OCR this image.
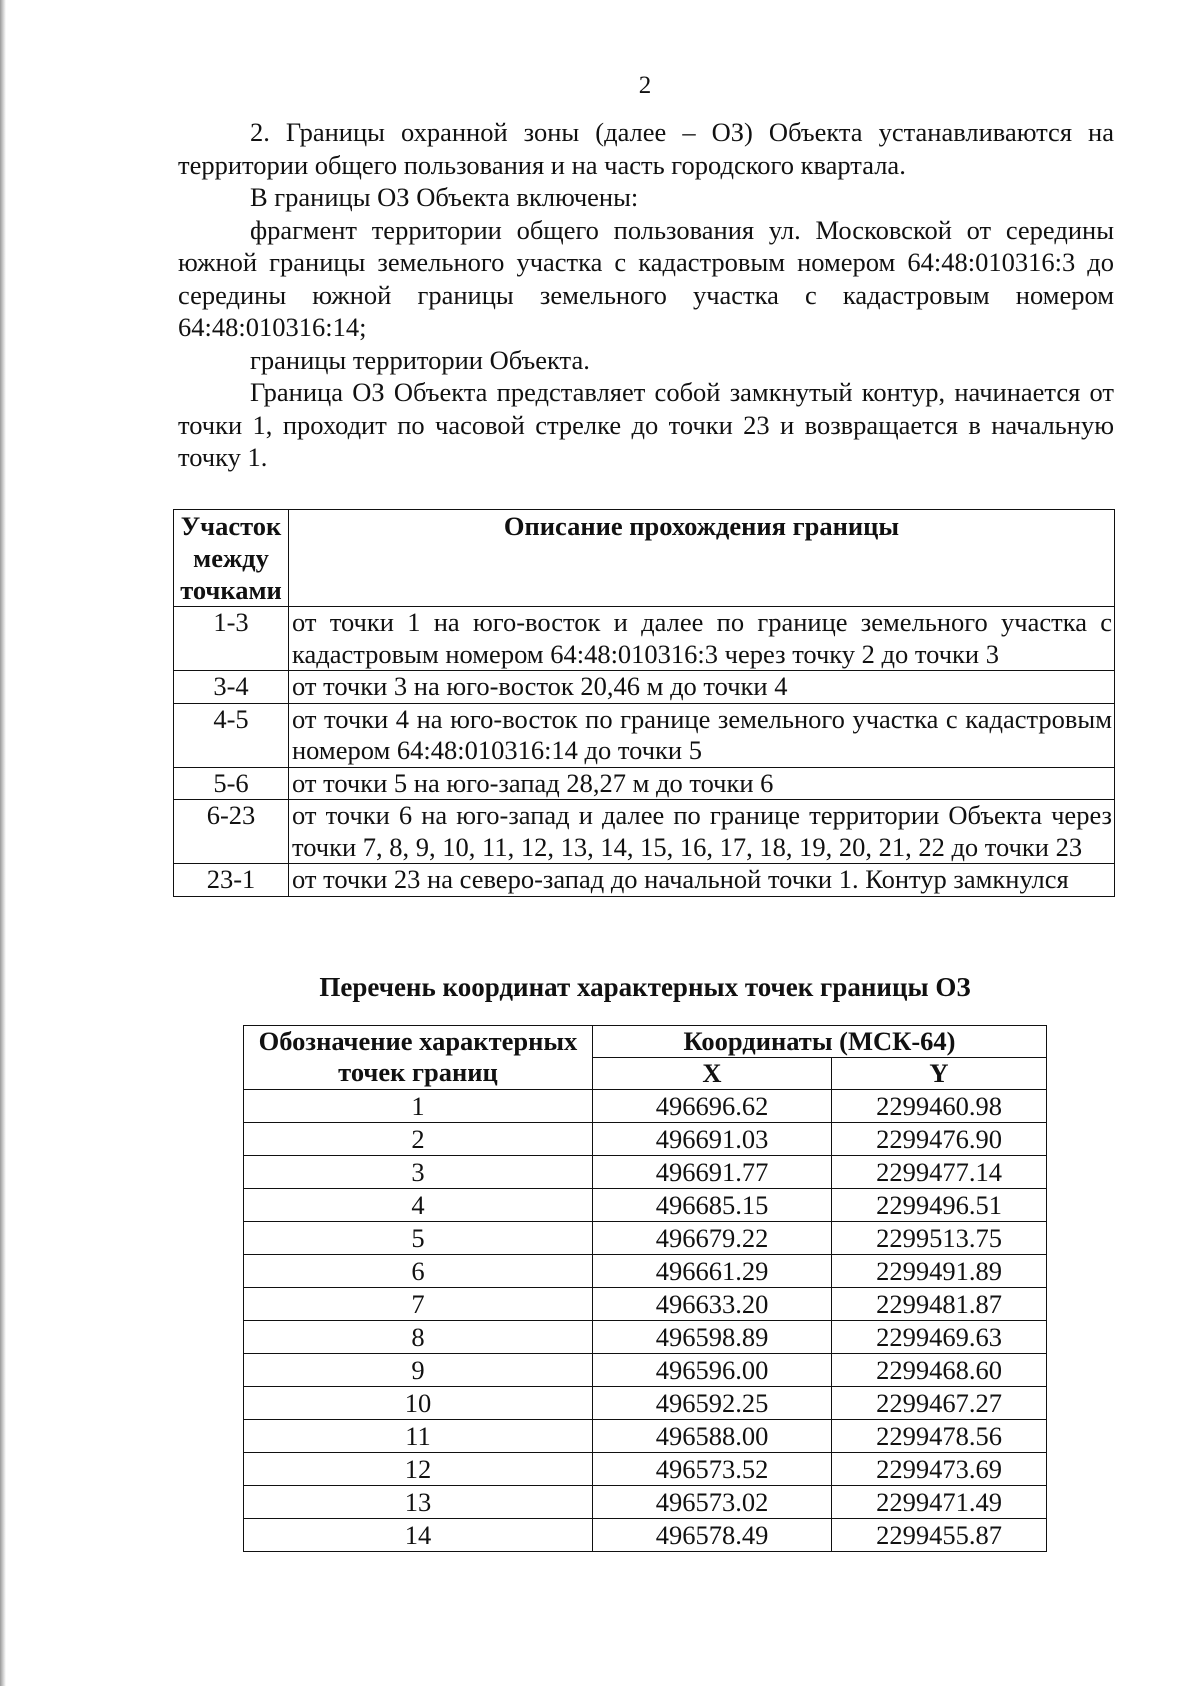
2

2. Границы охранной зоны (далее – ОЗ) Объекта устанавливаются на территории общего пользования и на часть городского квартала.

В границы ОЗ Объекта включены:

фрагмент территории общего пользования ул. Московской от середины южной границы земельного участка с кадастровым номером 64:48:010316:3 до середины южной границы земельного участка с кадастровым номером 64:48:010316:14;

границы территории Объекта.

Граница ОЗ Объекта представляет собой замкнутый контур, начинается от точки 1, проходит по часовой стрелке до точки 23 и возвращается в начальную точку 1.

Участок между точками	Описание прохождения границы
1-3	от точки 1 на юго-восток и далее по границе земельного участка с кадастровым номером 64:48:010316:3 через точку 2 до точки 3
3-4	от точки 3 на юго-восток 20,46 м до точки 4
4-5	от точки 4 на юго-восток по границе земельного участка с кадастровым номером 64:48:010316:14 до точки 5
5-6	от точки 5 на юго-запад 28,27 м до точки 6
6-23	от точки 6 на юго-запад и далее по границе территории Объекта через точки 7, 8, 9, 10, 11, 12, 13, 14, 15, 16, 17, 18, 19, 20, 21, 22 до точки 23
23-1	от точки 23 на северо-запад до начальной точки 1. Контур замкнулся
Перечень координат характерных точек границы ОЗ
Обозначение характерных точек границ	Координаты (МСК-64)	
	X	Y
1	496696.62	2299460.98
2	496691.03	2299476.90
3	496691.77	2299477.14
4	496685.15	2299496.51
5	496679.22	2299513.75
6	496661.29	2299491.89
7	496633.20	2299481.87
8	496598.89	2299469.63
9	496596.00	2299468.60
10	496592.25	2299467.27
11	496588.00	2299478.56
12	496573.52	2299473.69
13	496573.02	2299471.49
14	496578.49	2299455.87
